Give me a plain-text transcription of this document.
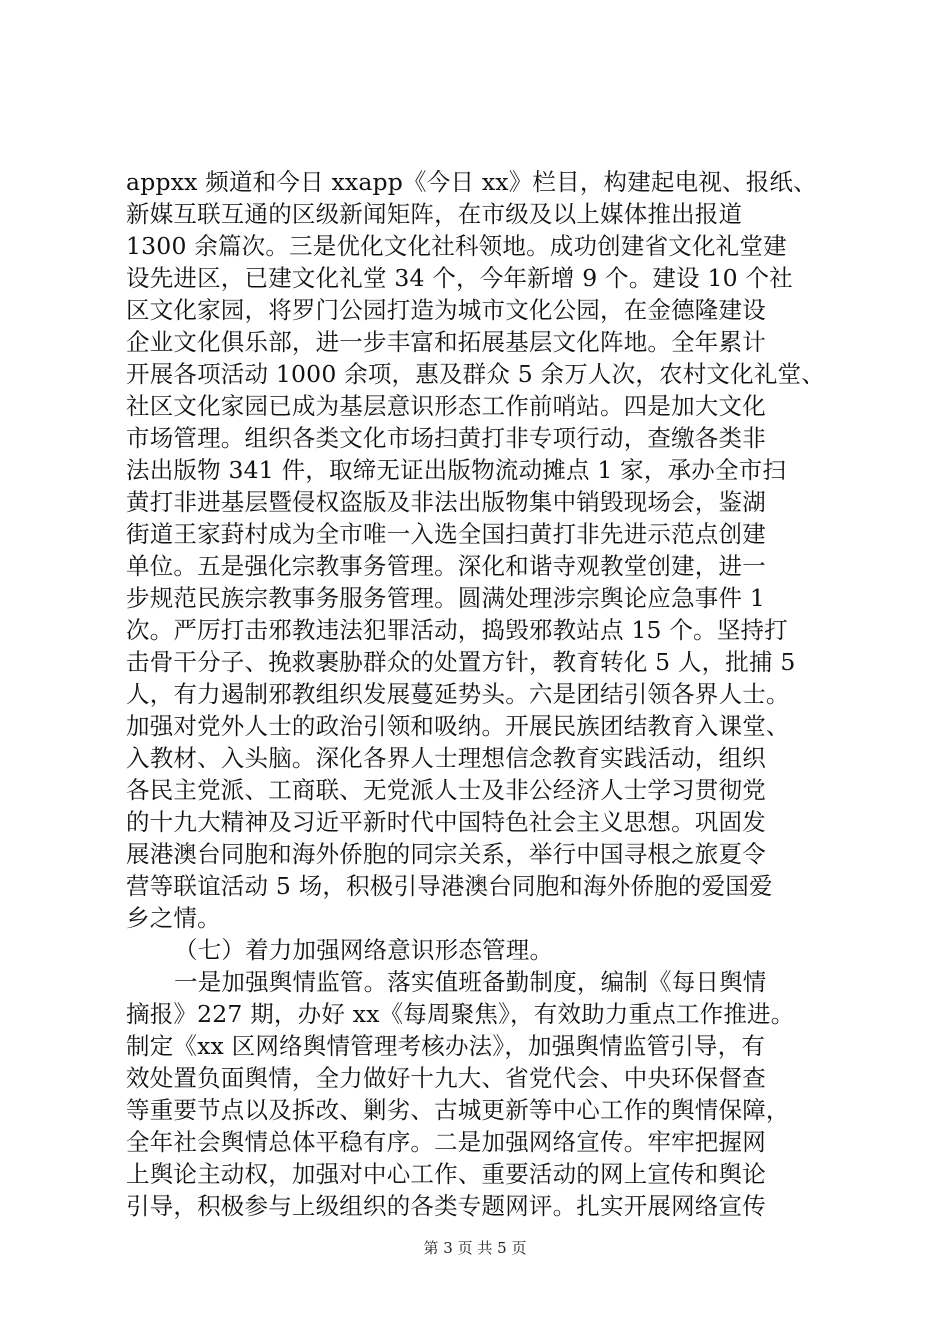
appxx 频道和今日 xxapp《今日 xx》栏目，构建起电视、报纸、
新媒互联互通的区级新闻矩阵，在市级及以上媒体推出报道
1300 余篇次。三是优化文化社科领地。成功创建省文化礼堂建
设先进区，已建文化礼堂 34 个，今年新增 9 个。建设 10 个社
区文化家园，将罗门公园打造为城市文化公园，在金德隆建设
企业文化俱乐部，进一步丰富和拓展基层文化阵地。全年累计
开展各项活动 1000 余项，惠及群众 5 余万人次，农村文化礼堂、
社区文化家园已成为基层意识形态工作前哨站。四是加大文化
市场管理。组织各类文化市场扫黄打非专项行动，查缴各类非
法出版物 341 件，取缔无证出版物流动摊点 1 家，承办全市扫
黄打非进基层暨侵权盗版及非法出版物集中销毁现场会，鉴湖
街道王家葑村成为全市唯一入选全国扫黄打非先进示范点创建
单位。五是强化宗教事务管理。深化和谐寺观教堂创建，进一
步规范民族宗教事务服务管理。圆满处理涉宗舆论应急事件 1
次。严厉打击邪教违法犯罪活动，捣毁邪教站点 15 个。坚持打
击骨干分子、挽救裹胁群众的处置方针，教育转化 5 人，批捕 5
人，有力遏制邪教组织发展蔓延势头。六是团结引领各界人士。
加强对党外人士的政治引领和吸纳。开展民族团结教育入课堂、
入教材、入头脑。深化各界人士理想信念教育实践活动，组织
各民主党派、工商联、无党派人士及非公经济人士学习贯彻党
的十九大精神及习近平新时代中国特色社会主义思想。巩固发
展港澳台同胞和海外侨胞的同宗关系，举行中国寻根之旅夏令
营等联谊活动 5 场，积极引导港澳台同胞和海外侨胞的爱国爱
乡之情。
（七）着力加强网络意识形态管理。
一是加强舆情监管。落实值班备勤制度，编制《每日舆情
摘报》227 期，办好 xx《每周聚焦》，有效助力重点工作推进。
制定《xx 区网络舆情管理考核办法》，加强舆情监管引导，有
效处置负面舆情，全力做好十九大、省党代会、中央环保督查
等重要节点以及拆改、剿劣、古城更新等中心工作的舆情保障，
全年社会舆情总体平稳有序。二是加强网络宣传。牢牢把握网
上舆论主动权，加强对中心工作、重要活动的网上宣传和舆论
引导，积极参与上级组织的各类专题网评。扎实开展网络宣传
第 3 页 共 5 页
